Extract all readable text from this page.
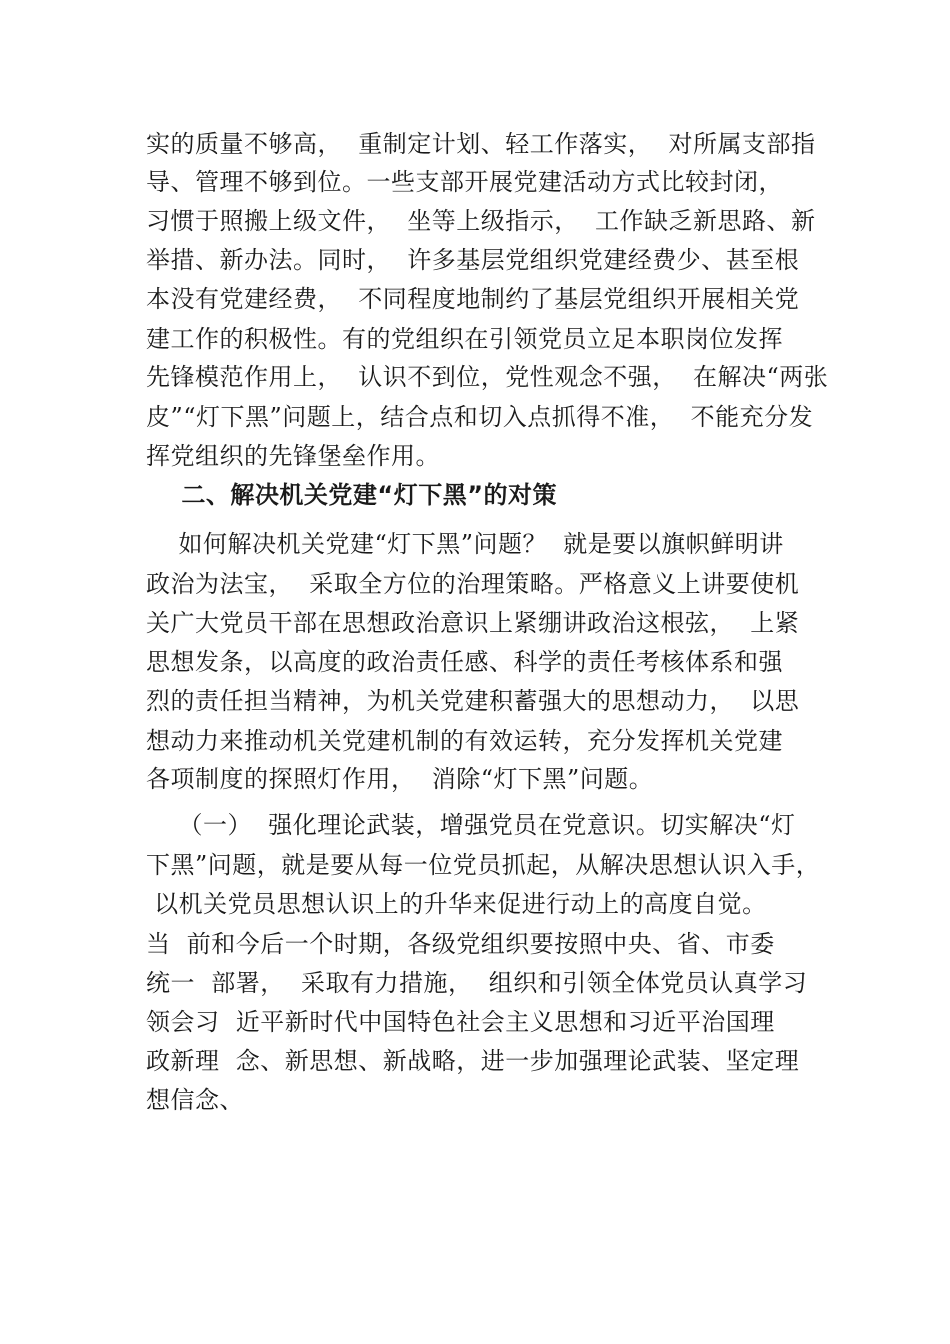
实的质量不够高，  重制定计划、轻工作落实，  对所属支部指
导、管理不够到位。一些支部开展党建活动方式比较封闭，
习惯于照搬上级文件，  坐等上级指示，  工作缺乏新思路、新
举措、新办法。同时，  许多基层党组织党建经费少、甚至根
本没有党建经费，  不同程度地制约了基层党组织开展相关党
建工作的积极性。有的党组织在引领党员立足本职岗位发挥
先锋模范作用上，  认识不到位，党性观念不强，  在解决“两张
皮”“灯下黑”问题上，结合点和切入点抓得不准，  不能充分发
挥党组织的先锋堡垒作用。
二、解决机关党建“灯下黑”的对策
如何解决机关党建“灯下黑”问题？  就是要以旗帜鲜明讲
政治为法宝，  采取全方位的治理策略。严格意义上讲要使机
关广大党员干部在思想政治意识上紧绷讲政治这根弦，  上紧
思想发条，以高度的政治责任感、科学的责任考核体系和强
烈的责任担当精神，为机关党建积蓄强大的思想动力，  以思
想动力来推动机关党建机制的有效运转，充分发挥机关党建
各项制度的探照灯作用，  消除“灯下黑”问题。
（一）  强化理论武装，增强党员在党意识。切实解决“灯
下黑”问题，就是要从每一位党员抓起，从解决思想认识入手，
以机关党员思想认识上的升华来促进行动上的高度自觉。
当  前和今后一个时期，各级党组织要按照中央、省、市委
统一  部署，  采取有力措施，  组织和引领全体党员认真学习
领会习  近平新时代中国特色社会主义思想和习近平治国理
政新理  念、新思想、新战略，进一步加强理论武装、坚定理
想信念、
